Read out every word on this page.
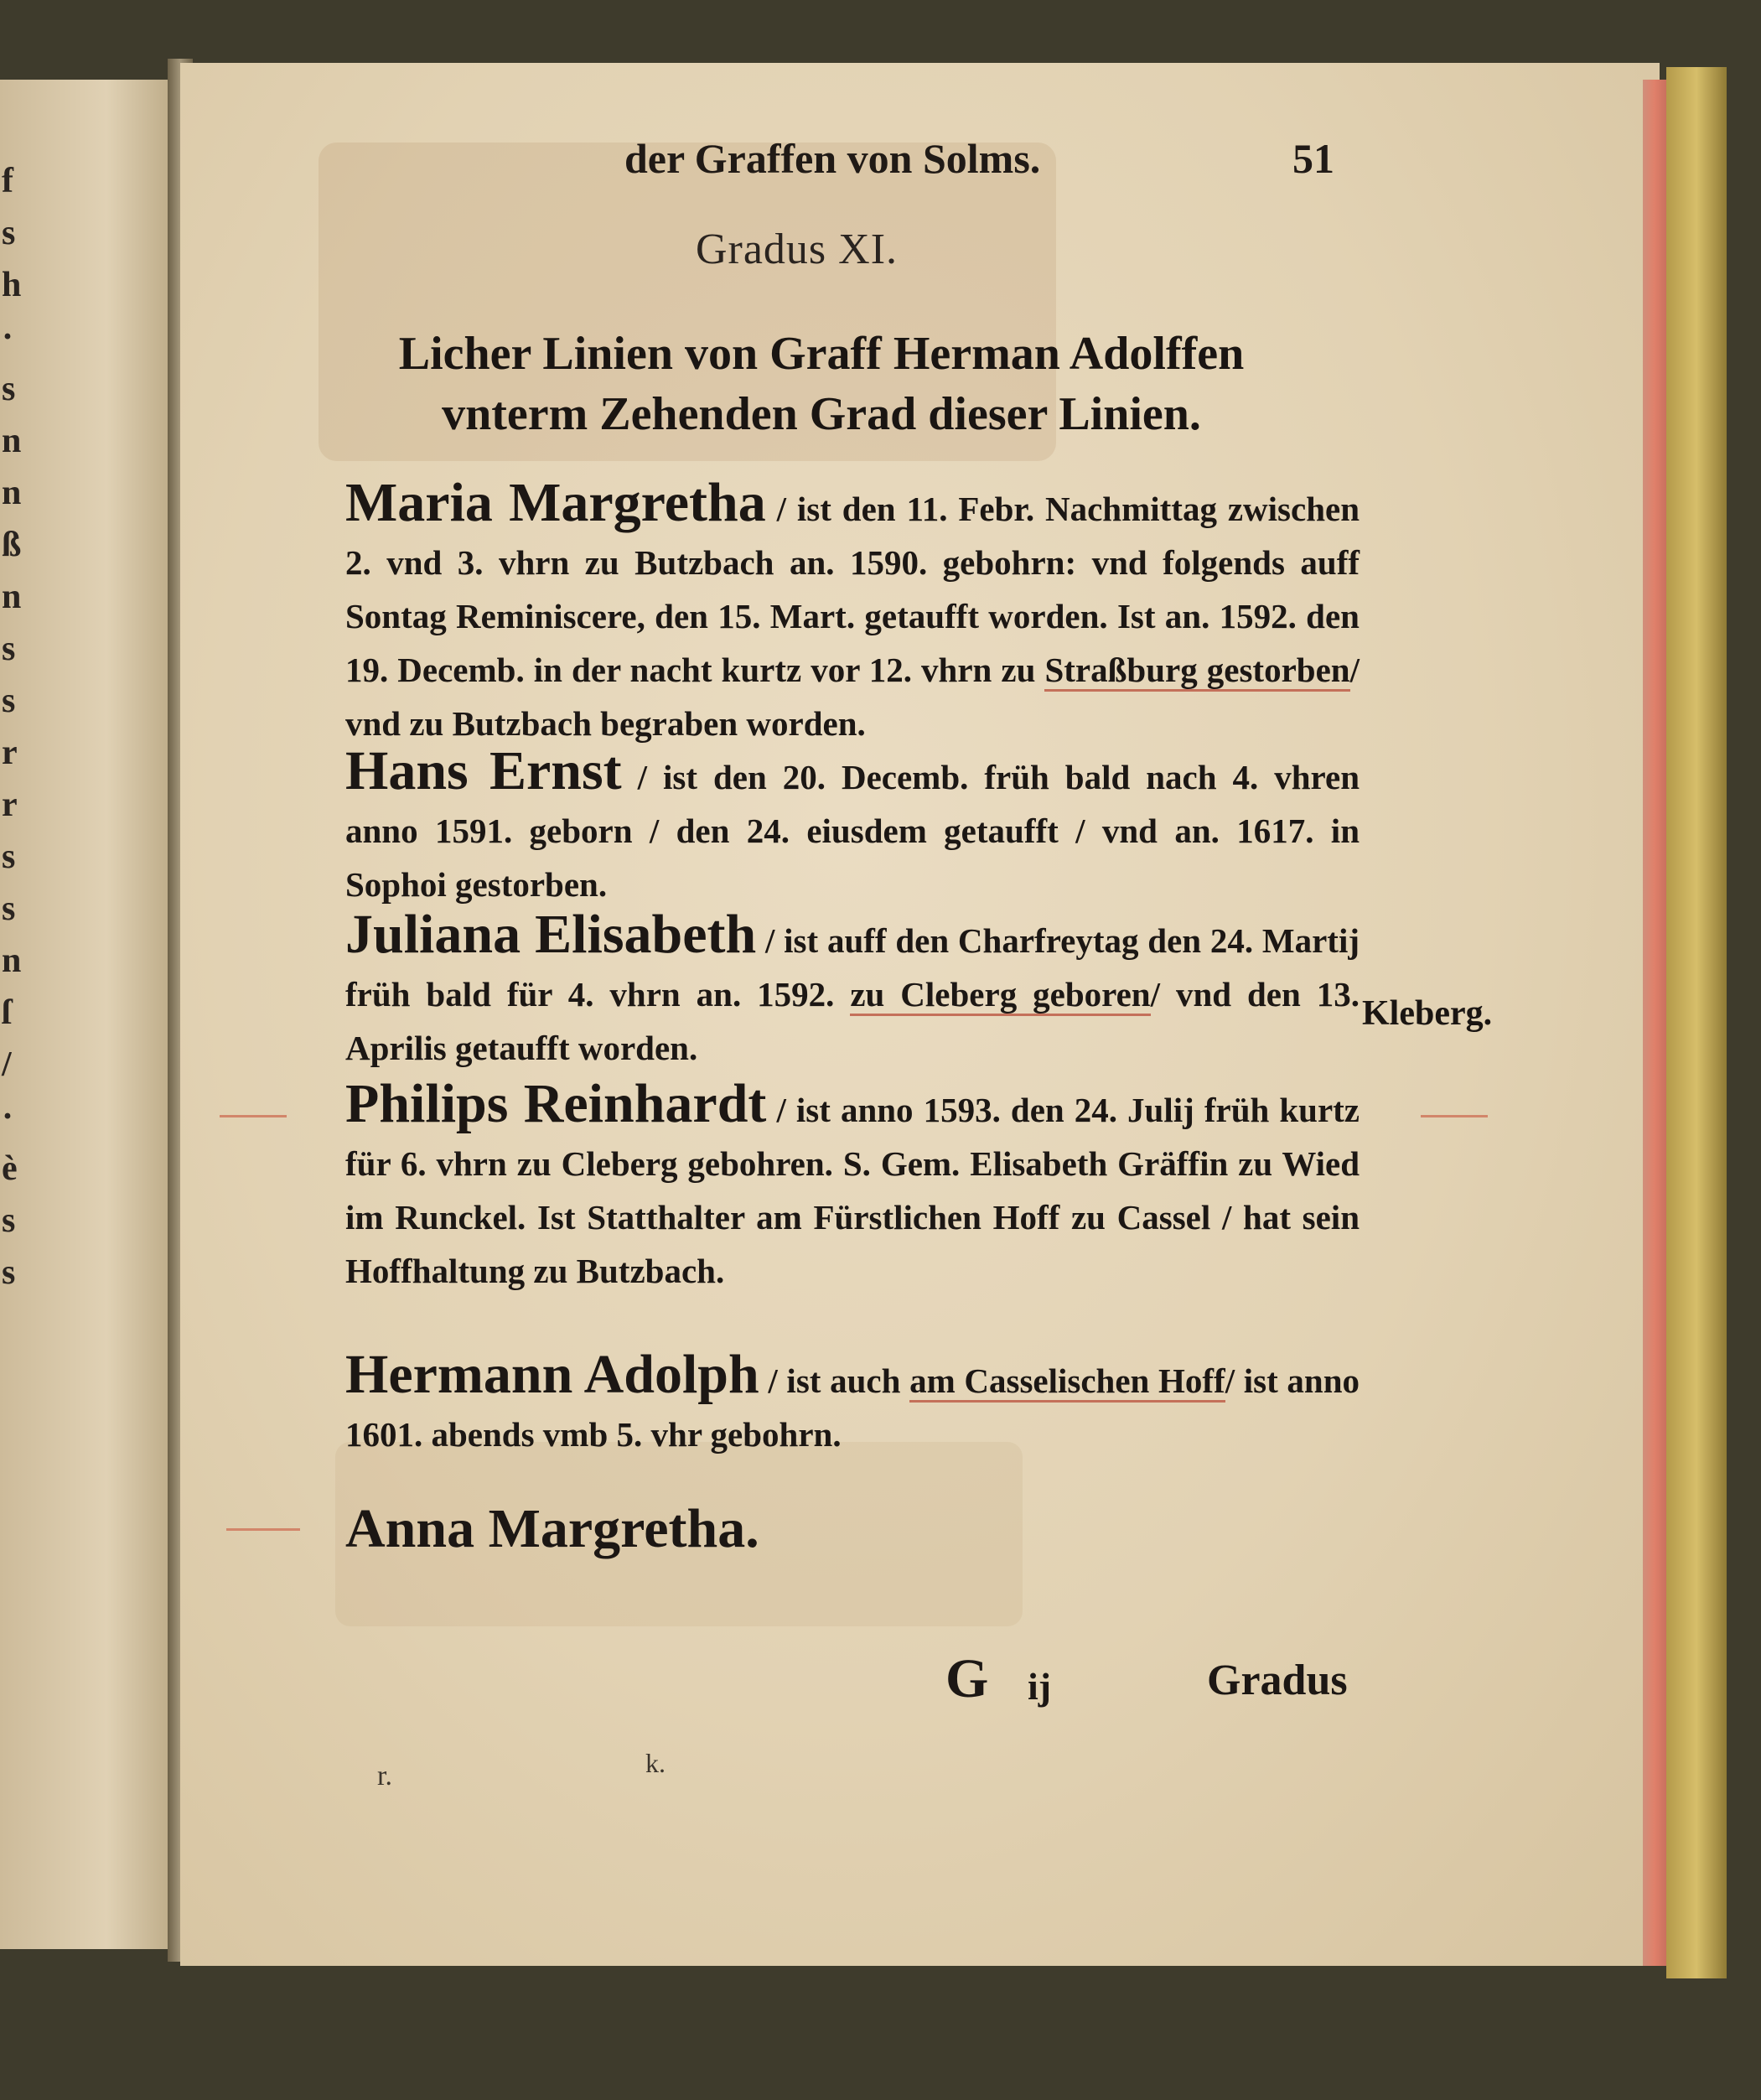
f
s
h
·
s
n
n
ß
n
s
s
r
r
s
s
n
ſ
/
·
è
s
s
der Graffen von Solms.	51
Gradus XI.
Licher Linien von Graff Herman Adolffen
vnterm Zehenden Grad dieser Linien.
Maria Margretha / ist den 11. Febr. Nachmittag zwischen 2. vnd 3. vhrn zu Butzbach an. 1590. gebohrn: vnd folgends auff Sontag Reminiscere, den 15. Mart. getaufft worden. Ist an. 1592. den 19. Decemb. in der nacht kurtz vor 12. vhrn zu Straßburg gestorben/ vnd zu Butzbach begraben worden.
Hans Ernst / ist den 20. Decemb. früh bald nach 4. vhren anno 1591. geborn / den 24. eiusdem getaufft / vnd an. 1617. in Sophoi gestorben.
Juliana Elisabeth / ist auff den Charfreytag den 24. Martij früh bald für 4. vhrn an. 1592. zu Cleberg geboren/ vnd den 13. Aprilis getaufft worden.
Philips Reinhardt / ist anno 1593. den 24. Julij früh kurtz für 6. vhrn zu Cleberg gebohren. S. Gem. Elisabeth Gräffin zu Wied im Runckel. Ist Statthalter am Fürstlichen Hoff zu Cassel / hat sein Hoffhaltung zu Butzbach.
Hermann Adolph / ist auch am Casselischen Hoff/ ist anno 1601. abends vmb 5. vhr gebohrn.
Anna Margretha.
Kleberg.
G ij	Gradus
r.	k.
